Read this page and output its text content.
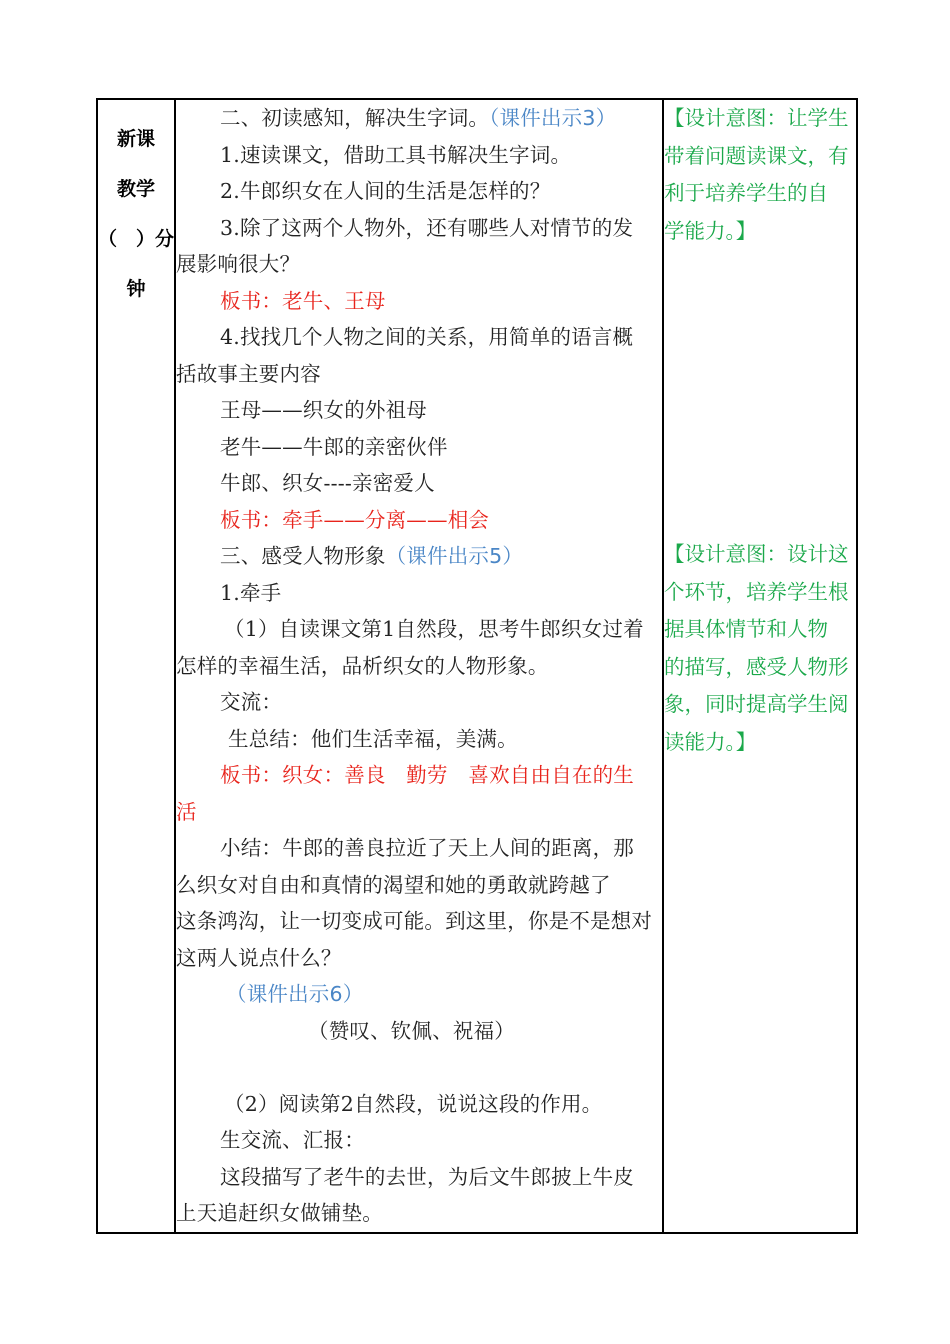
新课
教学
（　）分
钟

二、初读感知，解决生字词。（课件出示3）
1.速读课文，借助工具书解决生字词。
2.牛郎织女在人间的生活是怎样的？
3.除了这两个人物外，还有哪些人对情节的发
展影响很大？
板书：老牛、王母
4.找找几个人物之间的关系，用简单的语言概
括故事主要内容
王母——织女的外祖母
老牛——牛郎的亲密伙伴
牛郎、织女----亲密爱人
板书：牵手——分离——相会
三、感受人物形象（课件出示5）
1.牵手
（1）自读课文第1自然段，思考牛郎织女过着
怎样的幸福生活，品析织女的人物形象。
交流：
生总结：他们生活幸福，美满。
板书：织女：善良　勤劳　喜欢自由自在的生
活
小结：牛郎的善良拉近了天上人间的距离，那
么织女对自由和真情的渴望和她的勇敢就跨越了
这条鸿沟，让一切变成可能。到这里，你是不是想对
这两人说点什么？
（课件出示6）
（赞叹、钦佩、祝福）
（2）阅读第2自然段，说说这段的作用。
生交流、汇报：
这段描写了老牛的去世，为后文牛郎披上牛皮
上天追赶织女做铺垫。

【设计意图：让学生
带着问题读课文，有
利于培养学生的自
学能力。】
【设计意图：设计这
个环节，培养学生根
据具体情节和人物
的描写，感受人物形
象，同时提高学生阅
读能力。】
